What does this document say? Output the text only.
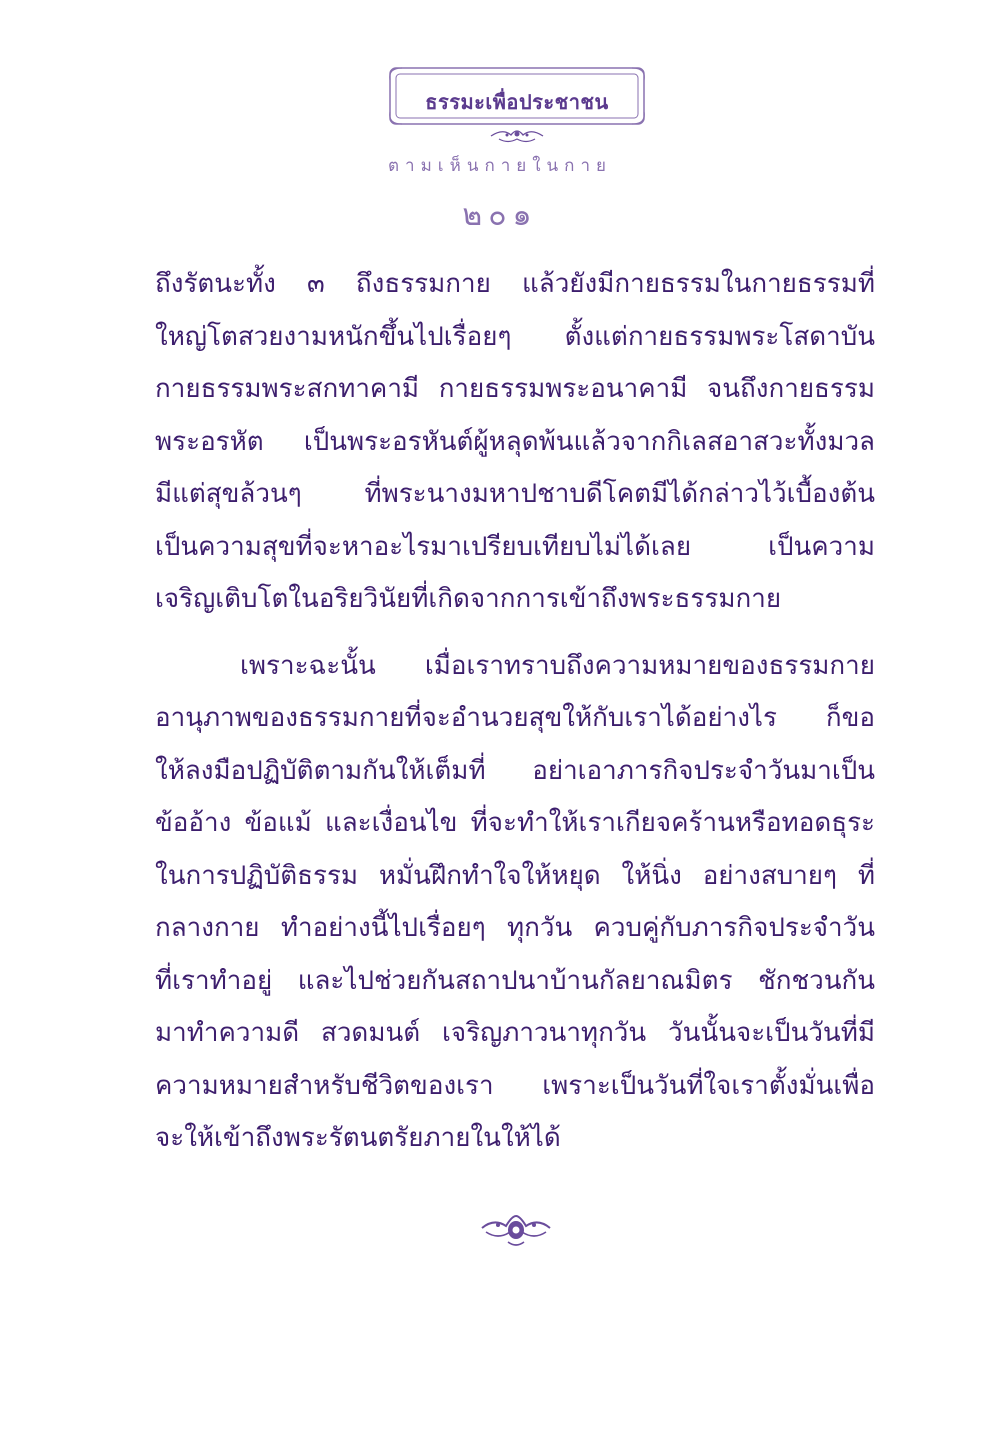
ธรรมะเพื่อประชาชน
ตามเห็นกายในกาย
๒๐๑
ถึงรัตนะทั้ง ๓ ถึงธรรมกาย แล้วยังมีกายธรรมในกายธรรมที่
ใหญ่โตสวยงามหนักขึ้นไปเรื่อยๆ ตั้งแต่กายธรรมพระโสดาบัน
กายธรรมพระสกทาคามี กายธรรมพระอนาคามี จนถึงกายธรรม
พระอรหัต เป็นพระอรหันต์ผู้หลุดพ้นแล้วจากกิเลสอาสวะทั้งมวล
มีแต่สุขล้วนๆ ที่พระนางมหาปชาบดีโคตมีได้กล่าวไว้เบื้องต้น
เป็นความสุขที่จะหาอะไรมาเปรียบเทียบไม่ได้เลย เป็นความ
เจริญเติบโตในอริยวินัยที่เกิดจากการเข้าถึงพระธรรมกาย
เพราะฉะนั้น เมื่อเราทราบถึงความหมายของธรรมกาย
อานุภาพของธรรมกายที่จะอำนวยสุขให้กับเราได้อย่างไร ก็ขอ
ให้ลงมือปฏิบัติตามกันให้เต็มที่ อย่าเอาภารกิจประจำวันมาเป็น
ข้ออ้าง ข้อแม้ และเงื่อนไข ที่จะทำให้เราเกียจคร้านหรือทอดธุระ
ในการปฏิบัติธรรม หมั่นฝึกทำใจให้หยุด ให้นิ่ง อย่างสบายๆ ที่
กลางกาย ทำอย่างนี้ไปเรื่อยๆ ทุกวัน ควบคู่กับภารกิจประจำวัน
ที่เราทำอยู่ และไปช่วยกันสถาปนาบ้านกัลยาณมิตร ชักชวนกัน
มาทำความดี สวดมนต์ เจริญภาวนาทุกวัน วันนั้นจะเป็นวันที่มี
ความหมายสำหรับชีวิตของเรา เพราะเป็นวันที่ใจเราตั้งมั่นเพื่อ
จะให้เข้าถึงพระรัตนตรัยภายในให้ได้
